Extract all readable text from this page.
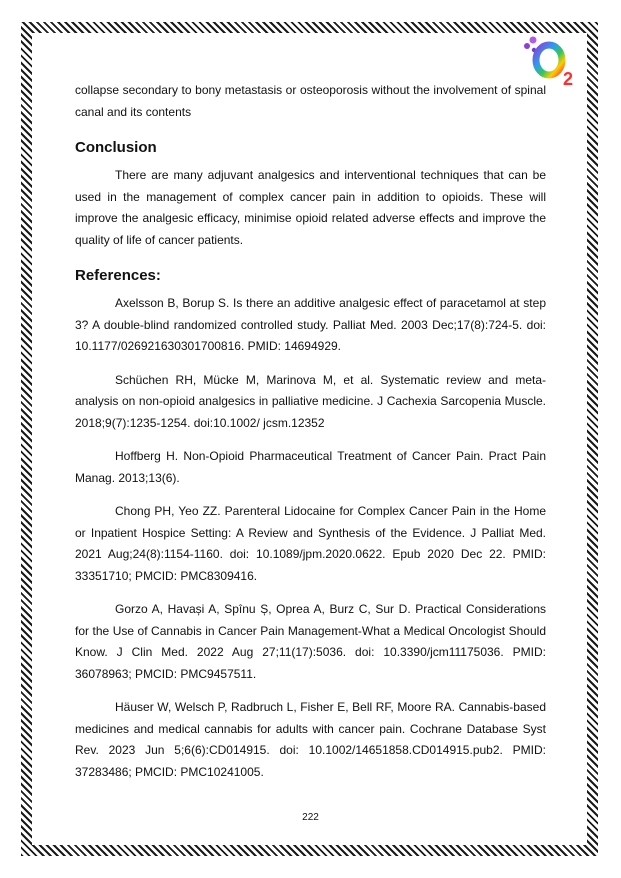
2

collapse secondary to bony metastasis or osteoporosis without the involvement of spinal canal and its contents

Conclusion

There are many adjuvant analgesics and interventional techniques that can be used in the management of complex cancer pain in addition to opioids. These will improve the analgesic efficacy, minimise opioid related adverse effects and improve the quality of life of cancer patients.

References:

Axelsson B, Borup S. Is there an additive analgesic effect of paracetamol at step 3? A double-blind randomized controlled study. Palliat Med. 2003 Dec;17(8):724-5. doi: 10.1177/026921630301700816. PMID: 14694929.

Schüchen RH, Mücke M, Marinova M, et al. Systematic review and meta-analysis on non-opioid analgesics in palliative medicine. J Cachexia Sarcopenia Muscle. 2018;9(7):1235-1254. doi:10.1002/ jcsm.12352

Hoffberg H. Non-Opioid Pharmaceutical Treatment of Cancer Pain. Pract Pain Manag. 2013;13(6).

Chong PH, Yeo ZZ. Parenteral Lidocaine for Complex Cancer Pain in the Home or Inpatient Hospice Setting: A Review and Synthesis of the Evidence. J Palliat Med. 2021 Aug;24(8):1154-1160. doi: 10.1089/jpm.2020.0622. Epub 2020 Dec 22. PMID: 33351710; PMCID: PMC8309416.

Gorzo A, Havași A, Spînu Ș, Oprea A, Burz C, Sur D. Practical Considerations for the Use of Cannabis in Cancer Pain Management-What a Medical Oncologist Should Know. J Clin Med. 2022 Aug 27;11(17):5036. doi: 10.3390/jcm11175036. PMID: 36078963; PMCID: PMC9457511.

Häuser W, Welsch P, Radbruch L, Fisher E, Bell RF, Moore RA. Cannabis-based medicines and medical cannabis for adults with cancer pain. Cochrane Database Syst Rev. 2023 Jun 5;6(6):CD014915. doi: 10.1002/14651858.CD014915.pub2. PMID: 37283486; PMCID: PMC10241005.

222
